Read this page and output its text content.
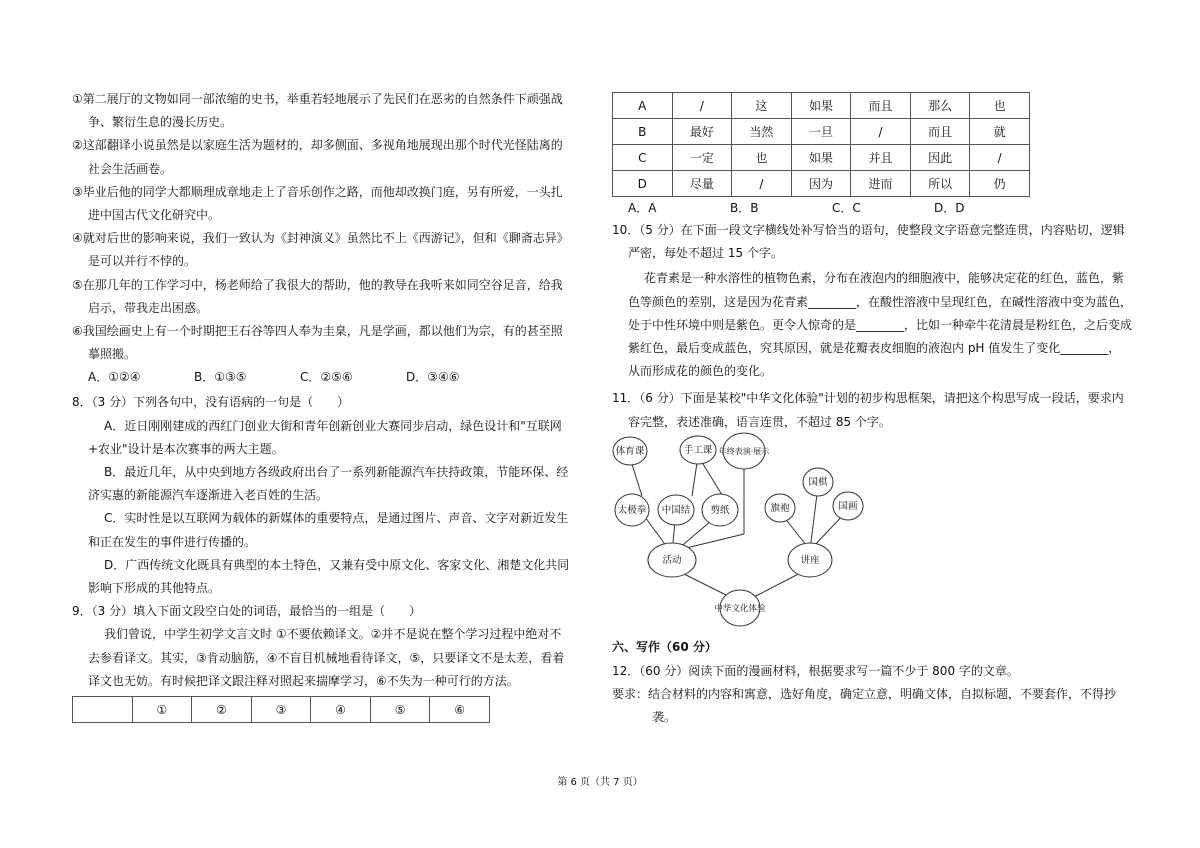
①第二展厅的文物如同一部浓缩的史书，举重若轻地展示了先民们在恶劣的自然条件下顽强战争、繁衍生息的漫长历史。

②这部翻译小说虽然是以家庭生活为题材的，却多侧面、多视角地展现出那个时代光怪陆离的社会生活画卷。

③毕业后他的同学大都顺理成章地走上了音乐创作之路，而他却改换门庭，另有所爱，一头扎进中国古代文化研究中。

④就对后世的影响来说，我们一致认为《封神演义》虽然比不上《西游记》，但和《聊斋志异》是可以并行不悖的。

⑤在那几年的工作学习中，杨老师给了我很大的帮助，他的教导在我听来如同空谷足音，给我启示，带我走出困惑。

⑥我国绘画史上有一个时期把王石谷等四人奉为圭臬，凡是学画，都以他们为宗，有的甚至照摹照搬。

A．①②④	B．①③⑤	C．②⑤⑥	D．③④⑥

8．（3 分）下列各句中，没有语病的一句是（　　）

A．近日刚刚建成的西红门创业大街和青年创新创业大赛同步启动，绿色设计和"互联网+农业"设计是本次赛事的两大主题。

B．最近几年，从中央到地方各级政府出台了一系列新能源汽车扶持政策，节能环保、经济实惠的新能源汽车逐渐进入老百姓的生活。

C．实时性是以互联网为载体的新媒体的重要特点，是通过图片、声音、文字对新近发生和正在发生的事件进行传播的。

D．广西传统文化既具有典型的本土特色，又兼有受中原文化、客家文化、湘楚文化共同影响下形成的其他特点。

9．（3 分）填入下面文段空白处的词语，最恰当的一组是（　　）

我们曾说，中学生初学文言文时 ①不要依赖译文。②并不是说在整个学习过程中绝对不去参看译文。其实，③肯动脑筋，④不盲目机械地看待译文，⑤，只要译文不是太差，看着译文也无妨。有时候把译文跟注释对照起来揣摩学习，⑥不失为一种可行的方法。

	①	②	③	④	⑤	⑥
A	/	这	如果	而且	那么	也
B	最好	当然	一旦	/	而且	就
C	一定	也	如果	并且	因此	/
D	尽量	/	因为	进而	所以	仍
A．A	B．B	C．C	D．D

10．（5 分）在下面一段文字横线处补写恰当的语句，使整段文字语意完整连贯，内容贴切，逻辑严密，每处不超过 15 个字。

花青素是一种水溶性的植物色素，分布在液泡内的细胞液中，能够决定花的红色，蓝色，紫色等颜色的差别，这是因为花青素________，在酸性溶液中呈现红色，在碱性溶液中变为蓝色，处于中性环境中则是紫色。更令人惊奇的是________，比如一种牵牛花清晨是粉红色，之后变成紫红色，最后变成蓝色，究其原因，就是花瓣表皮细胞的液泡内 pH 值发生了变化________，从而形成花的颜色的变化。

11．（6 分）下面是某校"中华文化体验"计划的初步构思框架，请把这个构思写成一段话，要求内容完整，表述准确，语言连贯，不超过 85 个字。

体育课	手工课 年终表演·展示
太极拳 中国结 剪纸
活动
中华文化体验
讲座
国棋
旗袍	国画

六、写作（60 分）

12．（60 分）阅读下面的漫画材料，根据要求写一篇不少于 800 字的文章。

要求：结合材料的内容和寓意，选好角度，确定立意，明确文体，自拟标题，不要套作，不得抄袭。

第 6 页（共 7 页）
